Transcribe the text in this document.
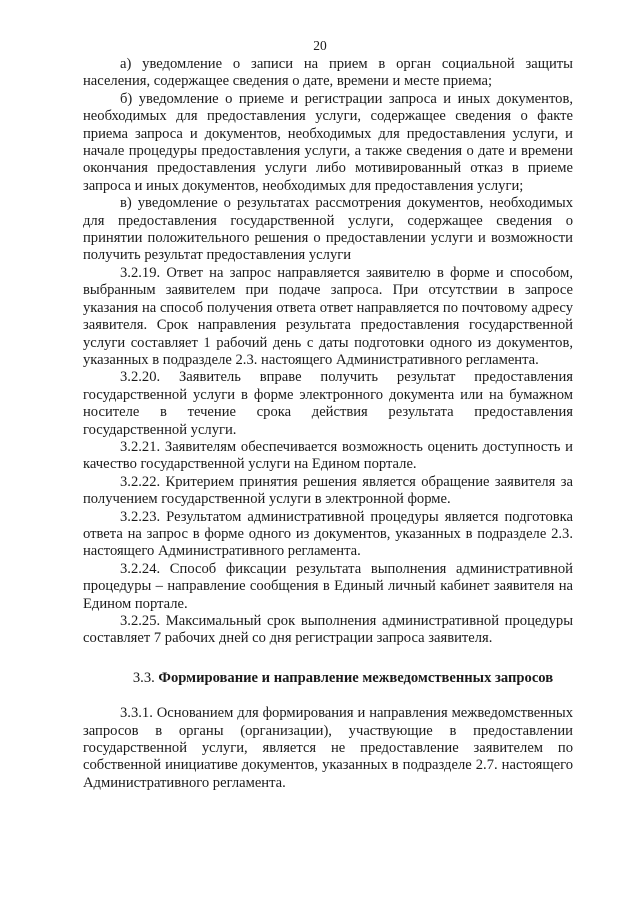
20

а) уведомление о записи на прием в орган социальной защиты населения, содержащее сведения о дате, времени и месте приема;

б) уведомление о приеме и регистрации запроса и иных документов, необходимых для предоставления услуги, содержащее сведения о факте приема запроса и документов, необходимых для предоставления услуги, и начале процедуры предоставления услуги, а также сведения о дате и времени окончания предоставления услуги либо мотивированный отказ в приеме запроса и иных документов, необходимых для предоставления услуги;

в) уведомление о результатах рассмотрения документов, необходимых для предоставления государственной услуги, содержащее сведения о принятии положительного решения о предоставлении услуги и возможности получить результат предоставления услуги

3.2.19. Ответ на запрос направляется заявителю в форме и способом, выбранным заявителем при подаче запроса. При отсутствии в запросе указания на способ получения ответа ответ направляется по почтовому адресу заявителя. Срок направления результата предоставления государственной услуги составляет 1 рабочий день с даты подготовки одного из документов, указанных в подразделе 2.3. настоящего Административного регламента.

3.2.20. Заявитель вправе получить результат предоставления государственной услуги в форме электронного документа или на бумажном носителе в течение срока действия результата предоставления государственной услуги.

3.2.21. Заявителям обеспечивается возможность оценить доступность и качество государственной услуги на Едином портале.

3.2.22. Критерием принятия решения является обращение заявителя за получением государственной услуги в электронной форме.

3.2.23. Результатом административной процедуры является подготовка ответа на запрос в форме одного из документов, указанных в подразделе 2.3. настоящего Административного регламента.

3.2.24. Способ фиксации результата выполнения административной процедуры – направление сообщения в Единый личный кабинет заявителя на Едином портале.

3.2.25. Максимальный срок выполнения административной процедуры составляет 7 рабочих дней со дня регистрации запроса заявителя.

3.3. Формирование и направление межведомственных запросов

3.3.1. Основанием для формирования и направления межведомственных запросов в органы (организации), участвующие в предоставлении государственной услуги, является не предоставление заявителем по собственной инициативе документов, указанных в подразделе 2.7. настоящего Административного регламента.
